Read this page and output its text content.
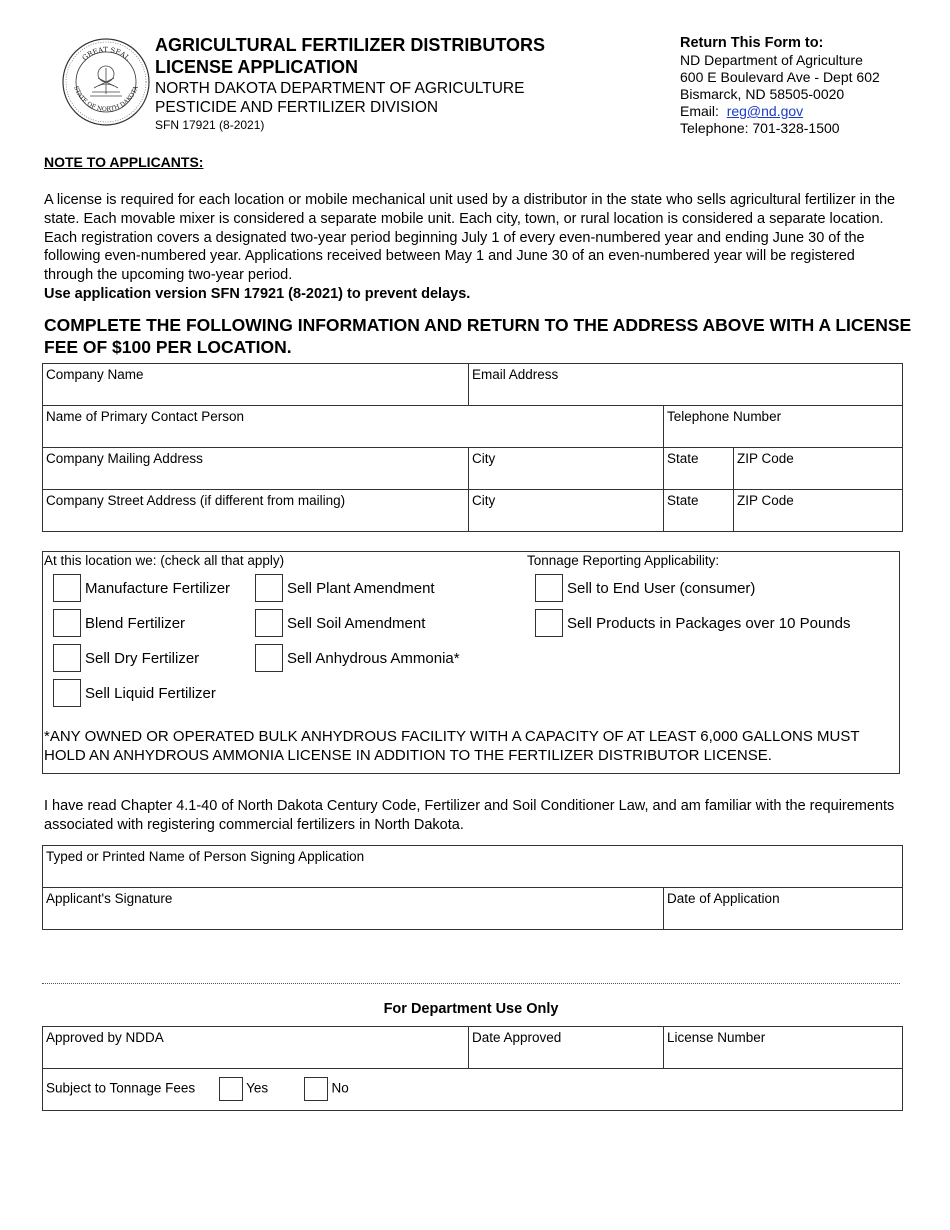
GREAT SEAL
STATE OF NORTH DAKOTA
AGRICULTURAL FERTILIZER DISTRIBUTORS
LICENSE APPLICATION
NORTH DAKOTA DEPARTMENT OF AGRICULTURE
PESTICIDE AND FERTILIZER DIVISION
SFN 17921 (8-2021)
Return This Form to:
ND Department of Agriculture
600 E Boulevard Ave - Dept 602
Bismarck, ND 58505-0020
Email: reg@nd.gov
Telephone: 701-328-1500
NOTE TO APPLICANTS:
A license is required for each location or mobile mechanical unit used by a distributor in the state who sells agricultural fertilizer in the state. Each movable mixer is considered a separate mobile unit. Each city, town, or rural location is considered a separate location. Each registration covers a designated two-year period beginning July 1 of every even-numbered year and ending June 30 of the following even-numbered year. Applications received between May 1 and June 30 of an even-numbered year will be registered through the upcoming two-year period.
Use application version SFN 17921 (8-2021) to prevent delays.
COMPLETE THE FOLLOWING INFORMATION AND RETURN TO THE ADDRESS ABOVE WITH A LICENSE FEE OF $100 PER LOCATION.
Company Name	Email Address		
Name of Primary Contact Person		Telephone Number	
Company Mailing Address	City	State	ZIP Code
Company Street Address (if different from mailing)	City	State	ZIP Code
At this location we: (check all that apply)	Tonnage Reporting Applicability:
Manufacture Fertilizer
Blend Fertilizer
Sell Dry Fertilizer
Sell Liquid Fertilizer
Sell Plant Amendment
Sell Soil Amendment
Sell Anhydrous Ammonia*
Sell to End User (consumer)
Sell Products in Packages over 10 Pounds
*ANY OWNED OR OPERATED BULK ANHYDROUS FACILITY WITH A CAPACITY OF AT LEAST 6,000 GALLONS MUST HOLD AN ANHYDROUS AMMONIA LICENSE IN ADDITION TO THE FERTILIZER DISTRIBUTOR LICENSE.
I have read Chapter 4.1-40 of North Dakota Century Code, Fertilizer and Soil Conditioner Law, and am familiar with the requirements associated with registering commercial fertilizers in North Dakota.
Typed or Printed Name of Person Signing Application
Applicant's Signature	Date of Application
For Department Use Only
Approved by NDDA	Date Approved	License Number
Subject to Tonnage Fees	Yes	No
